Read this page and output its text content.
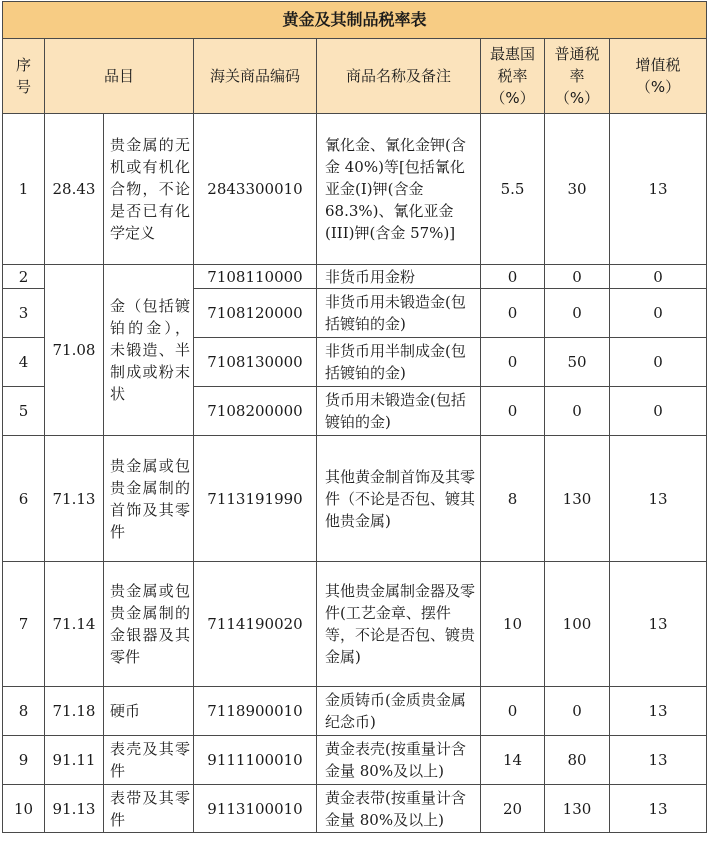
黄金及其制品税率表							
序号	品目		海关商品编码	商品名称及备注	最惠国税率（%）	普通税率（%）	增值税（%）
1	28.43	贵金属的无机或有机化合物，不论是否已有化学定义	2843300010	氰化金、氰化金钾(含金 40%)等[包括氰化亚金(I)钾(含金 68.3%)、氰化亚金(III)钾(含金 57%)]	5.5	30	13
2	71.08	金（包括镀铂的金），未锻造、半制成或粉末状	7108110000	非货币用金粉	0	0	0
3			7108120000	非货币用未锻造金(包括镀铂的金)	0	0	0
4			7108130000	非货币用半制成金(包括镀铂的金)	0	50	0
5			7108200000	货币用未锻造金(包括镀铂的金)	0	0	0
6	71.13	贵金属或包贵金属制的首饰及其零件	7113191990	其他黄金制首饰及其零件（不论是否包、镀其他贵金属)	8	130	13
7	71.14	贵金属或包贵金属制的金银器及其零件	7114190020	其他贵金属制金器及零件(工艺金章、摆件等，不论是否包、镀贵金属)	10	100	13
8	71.18	硬币	7118900010	金质铸币(金质贵金属纪念币)	0	0	13
9	91.11	表壳及其零件	9111100010	黄金表壳(按重量计含金量 80%及以上)	14	80	13
10	91.13	表带及其零件	9113100010	黄金表带(按重量计含金量 80%及以上)	20	130	13
